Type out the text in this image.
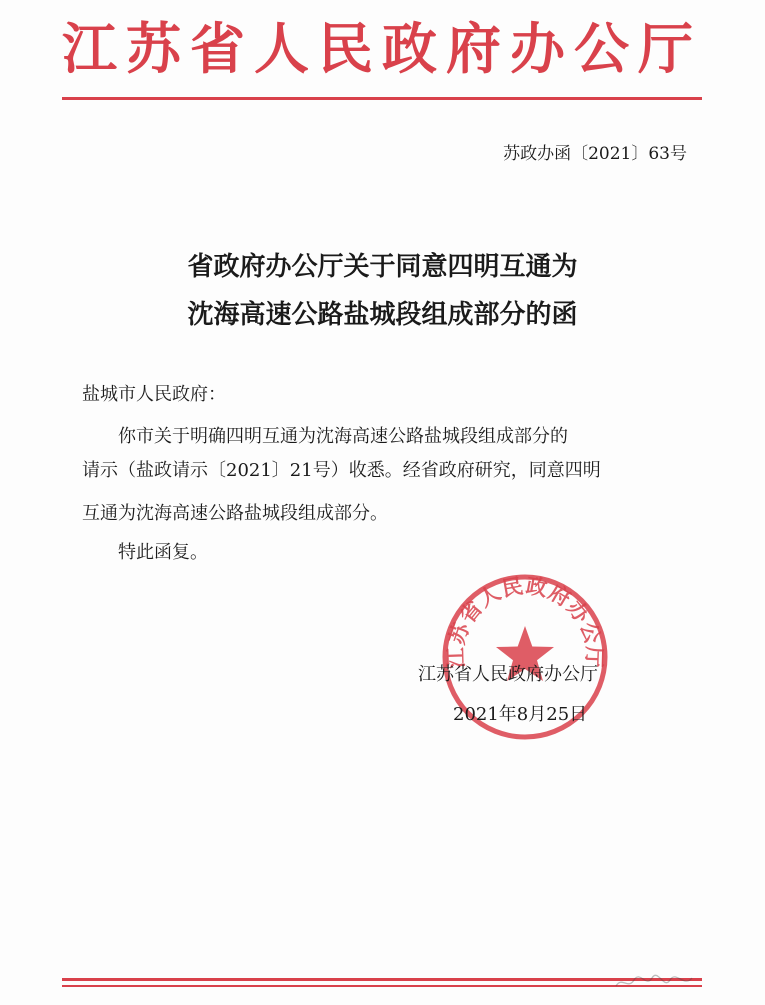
江苏省人民政府办公厅
苏政办函〔2021〕63号
省政府办公厅关于同意四明互通为
沈海高速公路盐城段组成部分的函
盐城市人民政府：
你市关于明确四明互通为沈海高速公路盐城段组成部分的
请示（盐政请示〔2021〕21号）收悉。经省政府研究，同意四明
互通为沈海高速公路盐城段组成部分。
特此函复。
江苏省人民政府办公厅
江苏省人民政府办公厅
2021年8月25日
